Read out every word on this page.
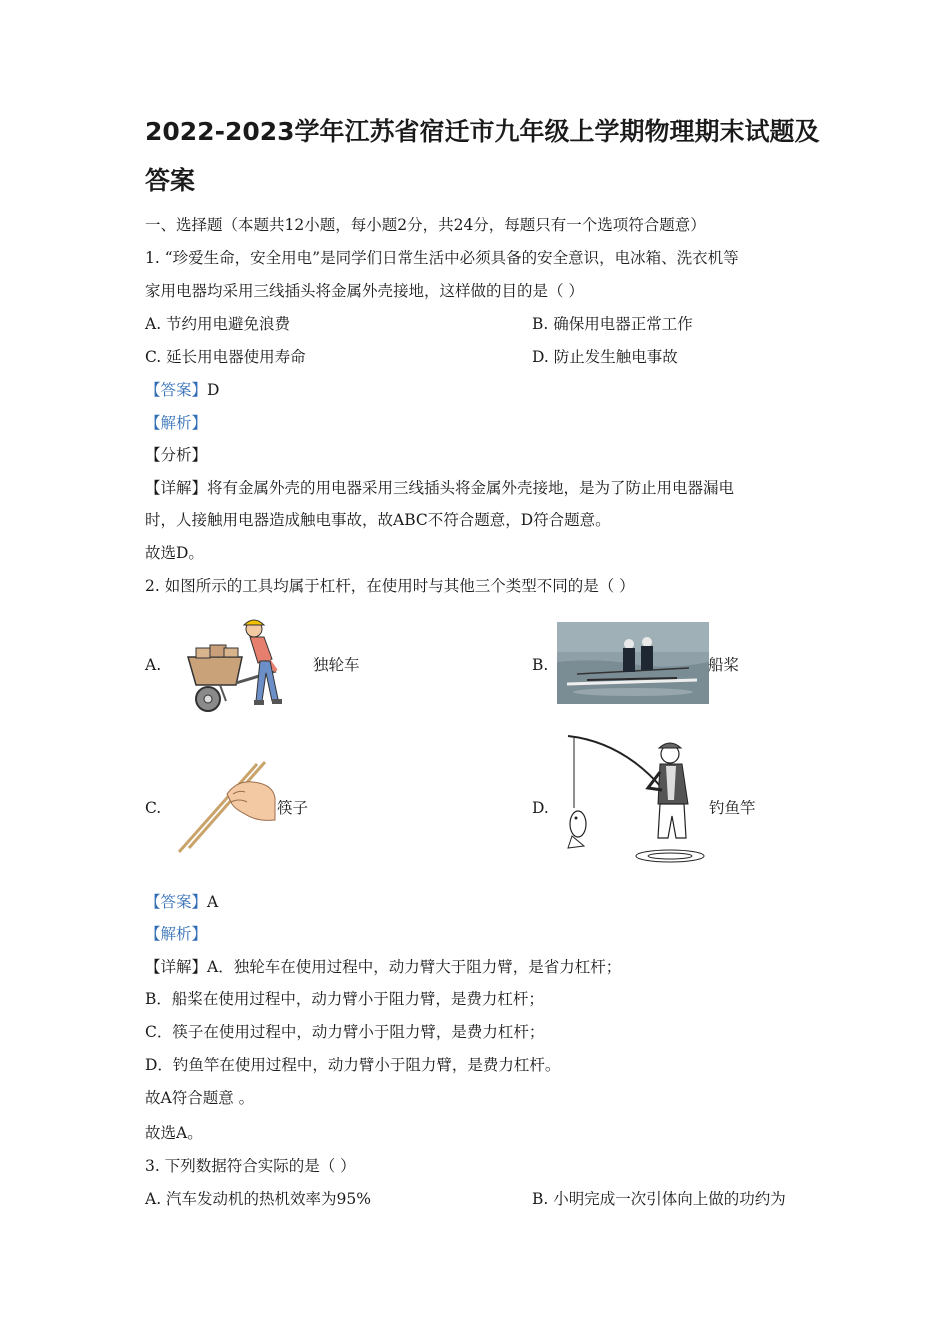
2022-2023学年江苏省宿迁市九年级上学期物理期末试题及
答案
一、选择题（本题共12小题，每小题2分，共24分，每题只有一个选项符合题意）
1. “珍爱生命，安全用电”是同学们日常生活中必须具备的安全意识，电冰箱、洗衣机等
家用电器均采用三线插头将金属外壳接地，这样做的目的是（ ）
A. 节约用电避免浪费	B. 确保用电器正常工作
C. 延长用电器使用寿命	D. 防止发生触电事故
【答案】D
【解析】
【分析】
【详解】将有金属外壳的用电器采用三线插头将金属外壳接地，是为了防止用电器漏电
时，人接触用电器造成触电事故，故ABC不符合题意，D符合题意。
故选D。
2. 如图所示的工具均属于杠杆，在使用时与其他三个类型不同的是（ ）
A.	独轮车	B.	船桨
C.	筷子	D.	钓鱼竿
【答案】A
【解析】
【详解】A．独轮车在使用过程中，动力臂大于阻力臂，是省力杠杆；
B．船桨在使用过程中，动力臂小于阻力臂，是费力杠杆；
C．筷子在使用过程中，动力臂小于阻力臂，是费力杠杆；
D．钓鱼竿在使用过程中，动力臂小于阻力臂，是费力杠杆。
故A符合题意 。
故选A。
3. 下列数据符合实际的是（ ）
A. 汽车发动机的热机效率为95%	B. 小明完成一次引体向上做的功约为
